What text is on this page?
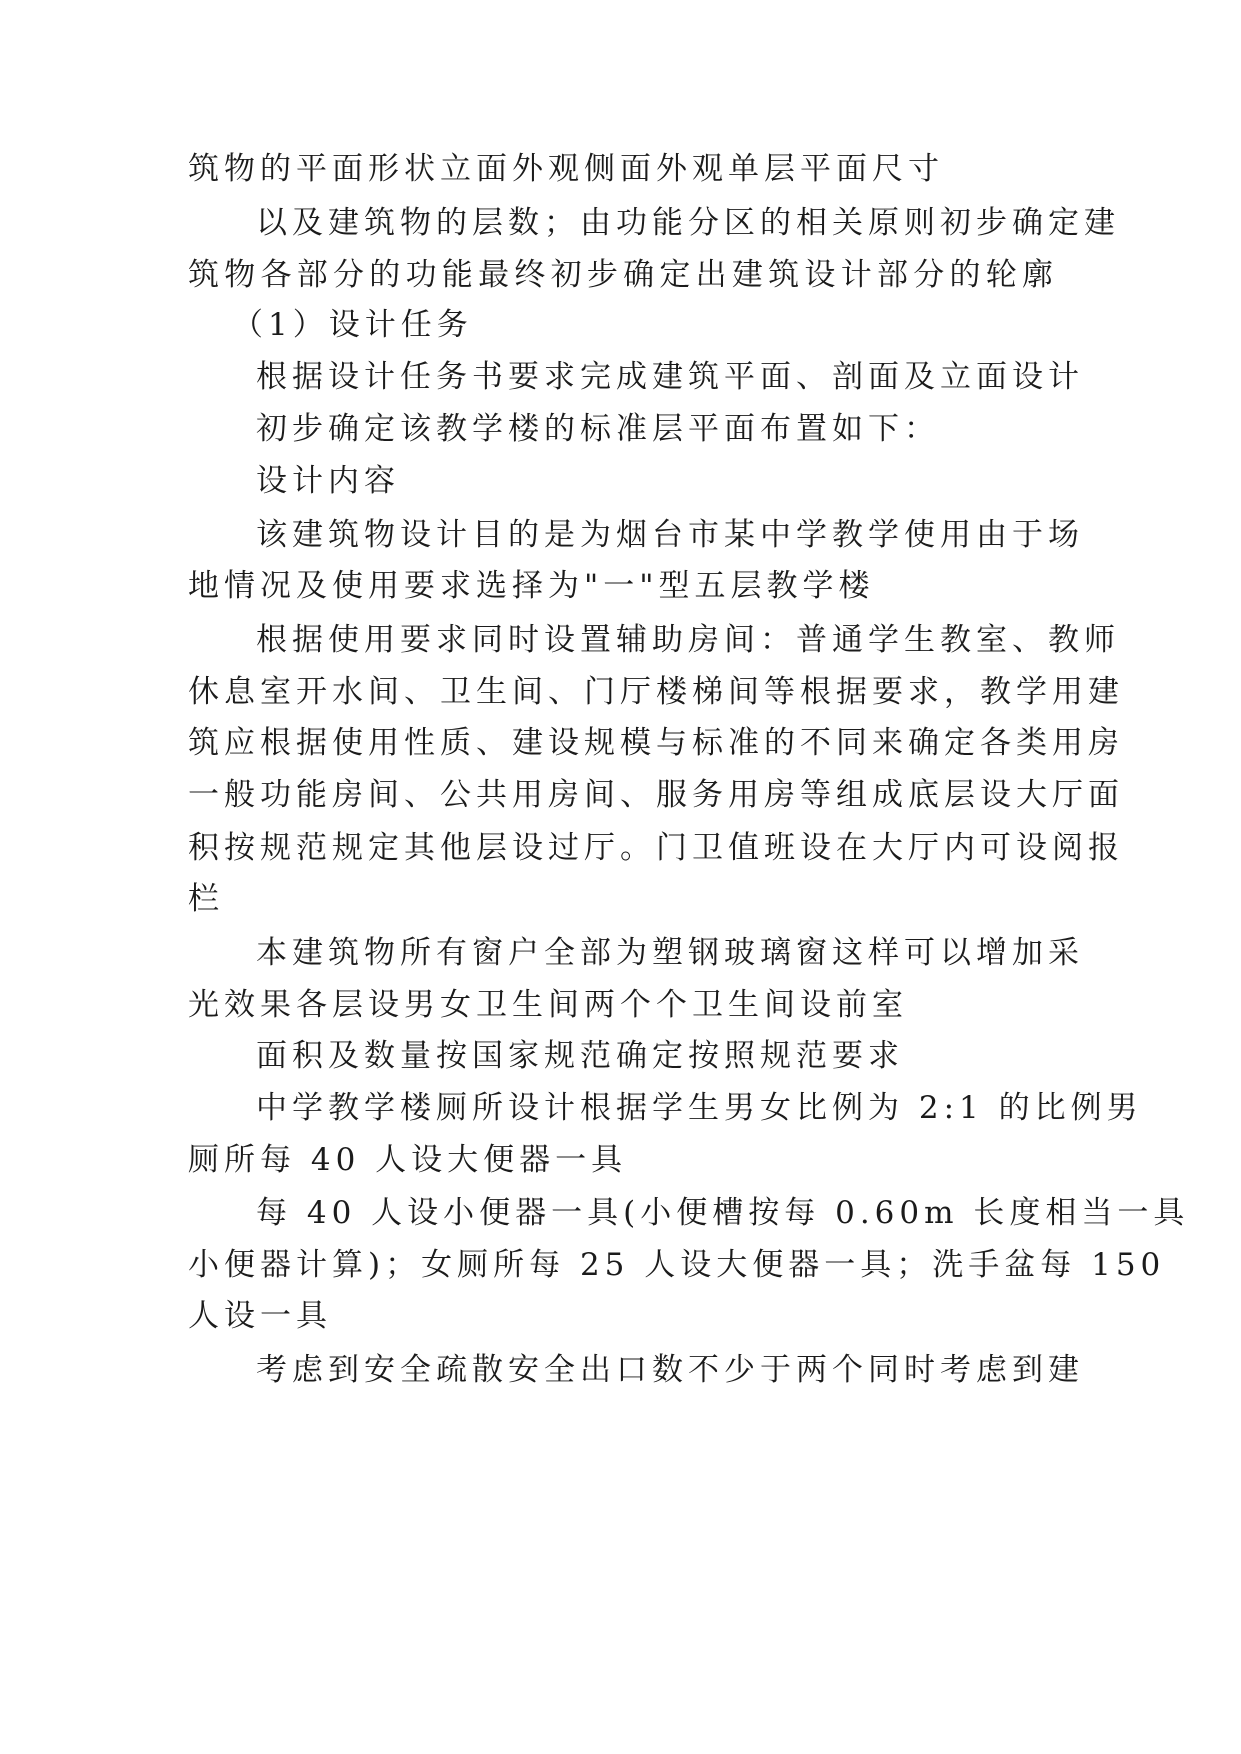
筑物的平面形状立面外观侧面外观单层平面尺寸

以及建筑物的层数；由功能分区的相关原则初步确定建

筑物各部分的功能最终初步确定出建筑设计部分的轮廓

（1）设计任务

根据设计任务书要求完成建筑平面、剖面及立面设计

初步确定该教学楼的标准层平面布置如下：

设计内容

该建筑物设计目的是为烟台市某中学教学使用由于场

地情况及使用要求选择为"一"型五层教学楼

根据使用要求同时设置辅助房间：普通学生教室、教师

休息室开水间、卫生间、门厅楼梯间等根据要求，教学用建

筑应根据使用性质、建设规模与标准的不同来确定各类用房

一般功能房间、公共用房间、服务用房等组成底层设大厅面

积按规范规定其他层设过厅。门卫值班设在大厅内可设阅报

栏

本建筑物所有窗户全部为塑钢玻璃窗这样可以增加采

光效果各层设男女卫生间两个个卫生间设前室

面积及数量按国家规范确定按照规范要求

中学教学楼厕所设计根据学生男女比例为 2:1 的比例男

厕所每 40 人设大便器一具

每 40 人设小便器一具(小便槽按每 0.60m 长度相当一具

小便器计算)；女厕所每 25 人设大便器一具；洗手盆每 150

人设一具

考虑到安全疏散安全出口数不少于两个同时考虑到建
